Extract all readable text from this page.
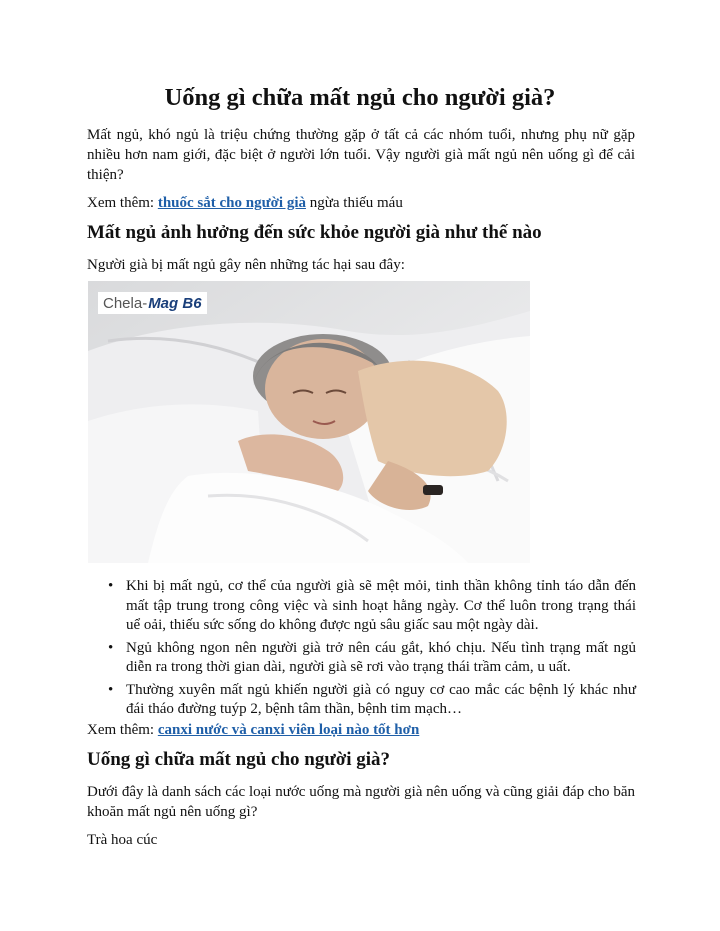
Uống gì chữa mất ngủ cho người già?

Mất ngủ, khó ngủ là triệu chứng thường gặp ở tất cả các nhóm tuổi, nhưng phụ nữ gặp nhiều hơn nam giới, đặc biệt ở người lớn tuổi. Vậy người già mất ngủ nên uống gì để cải thiện?

Xem thêm: thuốc sắt cho người già ngừa thiếu máu

Mất ngủ ảnh hưởng đến sức khỏe người già như thế nào

Người già bị mất ngủ gây nên những tác hại sau đây:

Chela- Mag B6
• Khi bị mất ngủ, cơ thể của người già sẽ mệt mỏi, tinh thần không tỉnh táo dẫn đến mất tập trung trong công việc và sinh hoạt hằng ngày. Cơ thể luôn trong trạng thái uể oải, thiếu sức sống do không được ngủ sâu giấc sau một ngày dài.
• Ngủ không ngon nên người già trở nên cáu gắt, khó chịu. Nếu tình trạng mất ngủ diễn ra trong thời gian dài, người già sẽ rơi vào trạng thái trầm cảm, u uất.
• Thường xuyên mất ngủ khiến người già có nguy cơ cao mắc các bệnh lý khác như đái tháo đường tuýp 2, bệnh tâm thần, bệnh tim mạch…

Xem thêm: canxi nước và canxi viên loại nào tốt hơn

Uống gì chữa mất ngủ cho người già?

Dưới đây là danh sách các loại nước uống mà người già nên uống và cũng giải đáp cho băn khoăn mất ngủ nên uống gì?

Trà hoa cúc
